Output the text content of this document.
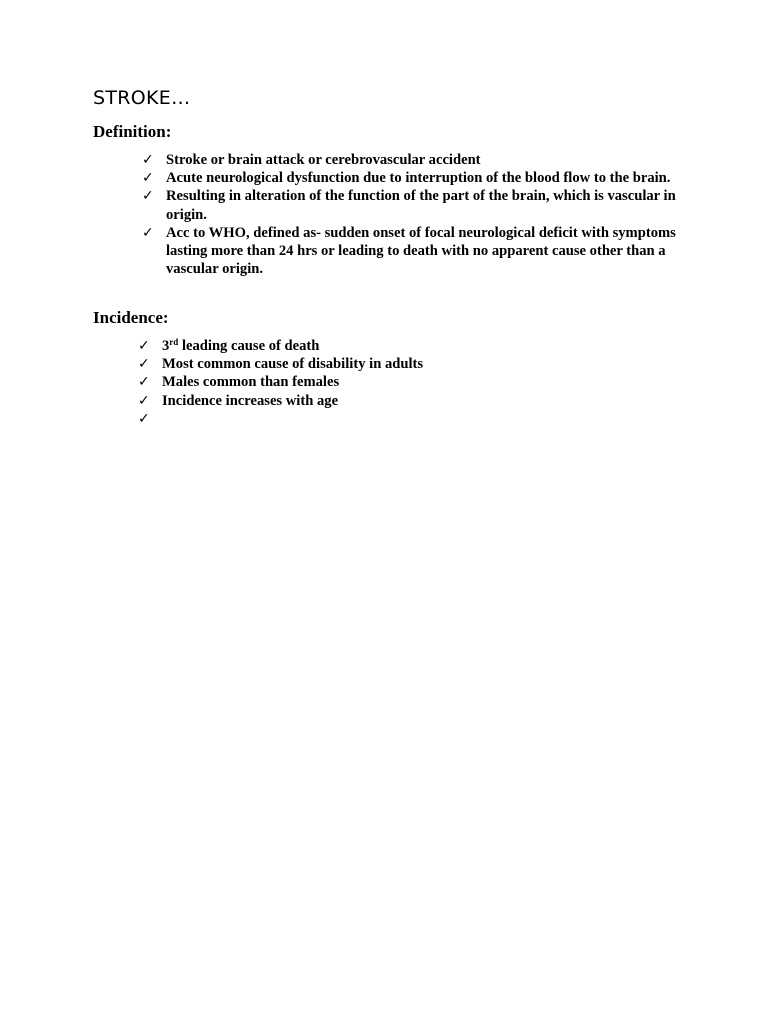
STROKE…
Definition:
✓ Stroke or brain attack or cerebrovascular accident
✓ Acute neurological dysfunction due to interruption of the blood flow to the brain.
✓ Resulting in alteration of the function of the part of the brain, which is vascular in origin.
✓ Acc to WHO, defined as- sudden onset of focal neurological deficit with symptoms lasting more than 24 hrs or leading to death with no apparent cause other than a vascular origin.
Incidence:
✓ 3rd leading cause of death
✓ Most common cause of disability in adults
✓ Males common than females
✓ Incidence increases with age
✓
